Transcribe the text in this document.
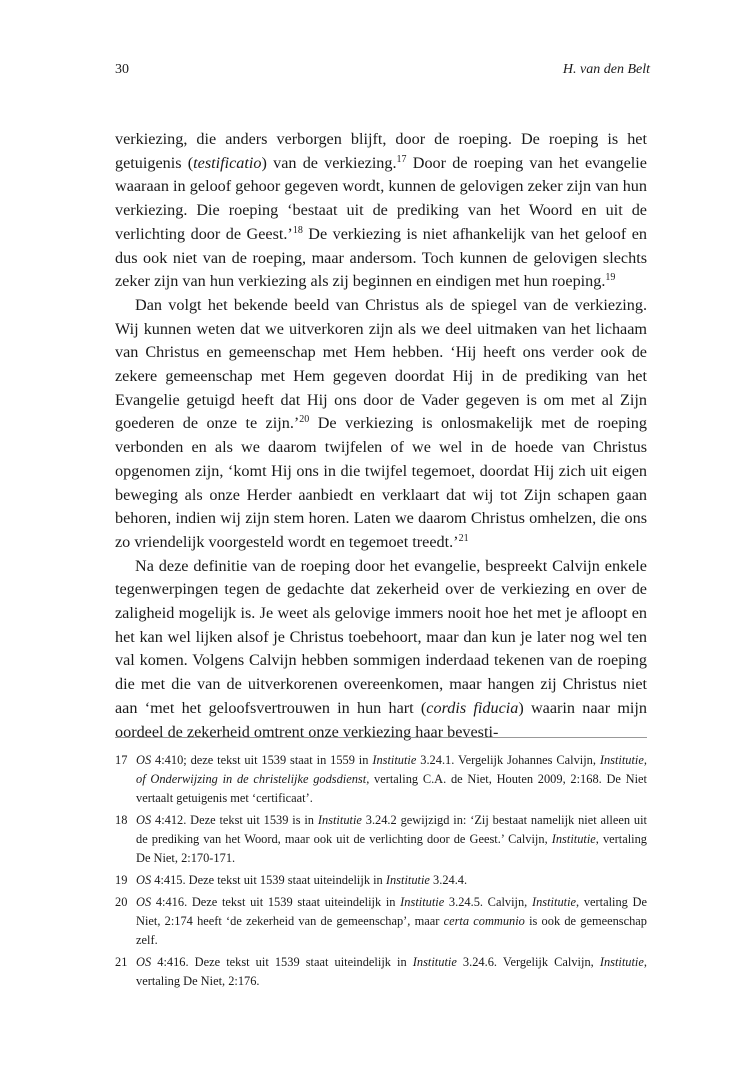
30	H. van den Belt

verkiezing, die anders verborgen blijft, door de roeping. De roeping is het getuigenis (testificatio) van de verkiezing.$^{17}$ Door de roeping van het evangelie waaraan in geloof gehoor gegeven wordt, kunnen de gelovigen zeker zijn van hun verkiezing. Die roeping ‘bestaat uit de prediking van het Woord en uit de verlichting door de Geest.’$^{18}$ De verkiezing is niet afhankelijk van het geloof en dus ook niet van de roeping, maar andersom. Toch kunnen de gelovigen slechts zeker zijn van hun verkiezing als zij beginnen en eindigen met hun roeping.$^{19}$

Dan volgt het bekende beeld van Christus als de spiegel van de verkiezing. Wij kunnen weten dat we uitverkoren zijn als we deel uitmaken van het lichaam van Christus en gemeenschap met Hem hebben. ‘Hij heeft ons verder ook de zekere gemeenschap met Hem gegeven doordat Hij in de prediking van het Evangelie getuigd heeft dat Hij ons door de Vader gegeven is om met al Zijn goederen de onze te zijn.’$^{20}$ De verkiezing is onlosmakelijk met de roeping verbonden en als we daarom twijfelen of we wel in de hoede van Christus opgenomen zijn, ‘komt Hij ons in die twijfel tegemoet, doordat Hij zich uit eigen beweging als onze Herder aanbiedt en verklaart dat wij tot Zijn schapen gaan behoren, indien wij zijn stem horen. Laten we daarom Christus omhelzen, die ons zo vriendelijk voorgesteld wordt en tegemoet treedt.’$^{21}$

Na deze definitie van de roeping door het evangelie, bespreekt Calvijn enkele tegenwerpingen tegen de gedachte dat zekerheid over de verkiezing en over de zaligheid mogelijk is. Je weet als gelovige immers nooit hoe het met je afloopt en het kan wel lijken alsof je Christus toebehoort, maar dan kun je later nog wel ten val komen. Volgens Calvijn hebben sommigen inderdaad tekenen van de roeping die met die van de uitverkorenen overeenkomen, maar hangen zij Christus niet aan ‘met het geloofsvertrouwen in hun hart (cordis fiducia) waarin naar mijn oordeel de zekerheid omtrent onze verkiezing haar bevesti-

17 OS 4:410; deze tekst uit 1539 staat in 1559 in Institutie 3.24.1. Vergelijk Johannes Calvijn, Institutie, of Onderwijzing in de christelijke godsdienst, vertaling C.A. de Niet, Houten 2009, 2:168. De Niet vertaalt getuigenis met ‘certificaat’.
18 OS 4:412. Deze tekst uit 1539 is in Institutie 3.24.2 gewijzigd in: ‘Zij bestaat namelijk niet alleen uit de prediking van het Woord, maar ook uit de verlichting door de Geest.’ Calvijn, Institutie, vertaling De Niet, 2:170-171.
19 OS 4:415. Deze tekst uit 1539 staat uiteindelijk in Institutie 3.24.4.
20 OS 4:416. Deze tekst uit 1539 staat uiteindelijk in Institutie 3.24.5. Calvijn, Institutie, vertaling De Niet, 2:174 heeft ‘de zekerheid van de gemeenschap’, maar certa communio is ook de gemeenschap zelf.
21 OS 4:416. Deze tekst uit 1539 staat uiteindelijk in Institutie 3.24.6. Vergelijk Calvijn, Institutie, vertaling De Niet, 2:176.
